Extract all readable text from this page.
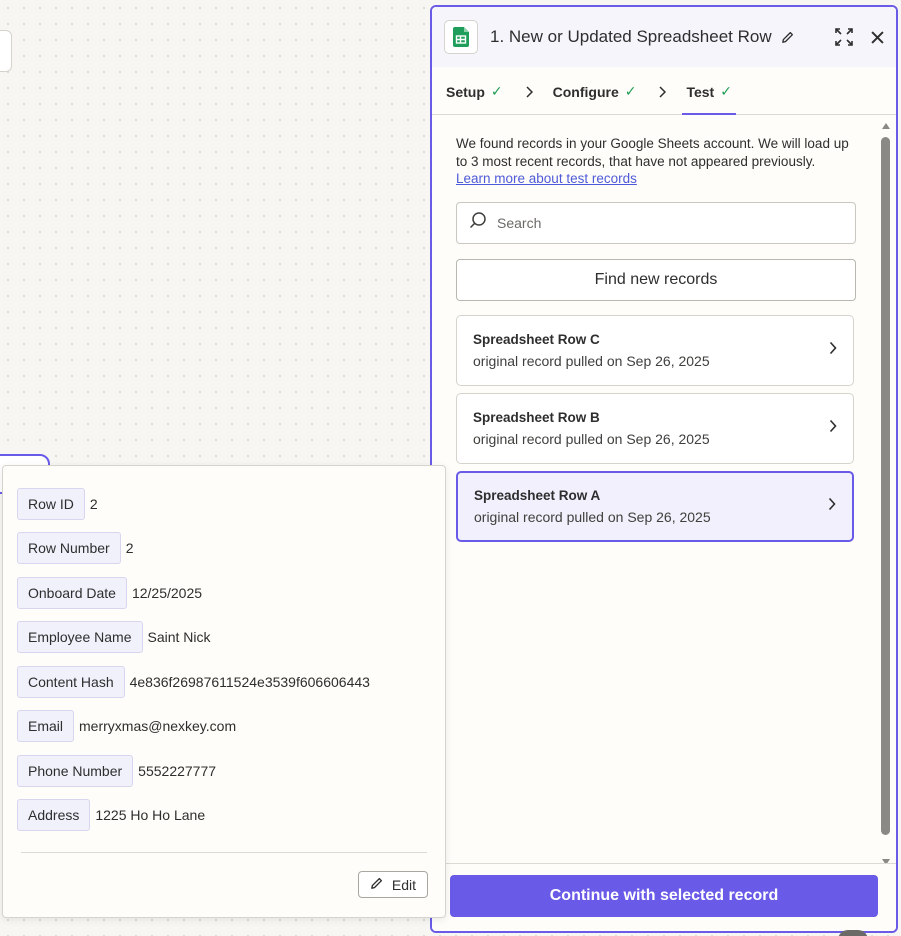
1. New or Updated Spreadsheet Row
Setup ✓	Configure ✓	Test ✓

We found records in your Google Sheets account. We will load up to 3 most recent records, that have not appeared previously.

Learn more about test records
Search
Find new records
Spreadsheet Row C
original record pulled on Sep 26, 2025
Spreadsheet Row B
original record pulled on Sep 26, 2025
Spreadsheet Row A
original record pulled on Sep 26, 2025
Continue with selected record
Row ID	2
Row Number	2
Onboard Date	12/25/2025
Employee Name	Saint Nick
Content Hash	4e836f26987611524e3539f606606443
Email	merryxmas@nexkey.com
Phone Number	5552227777
Address	1225 Ho Ho Lane
Edit
